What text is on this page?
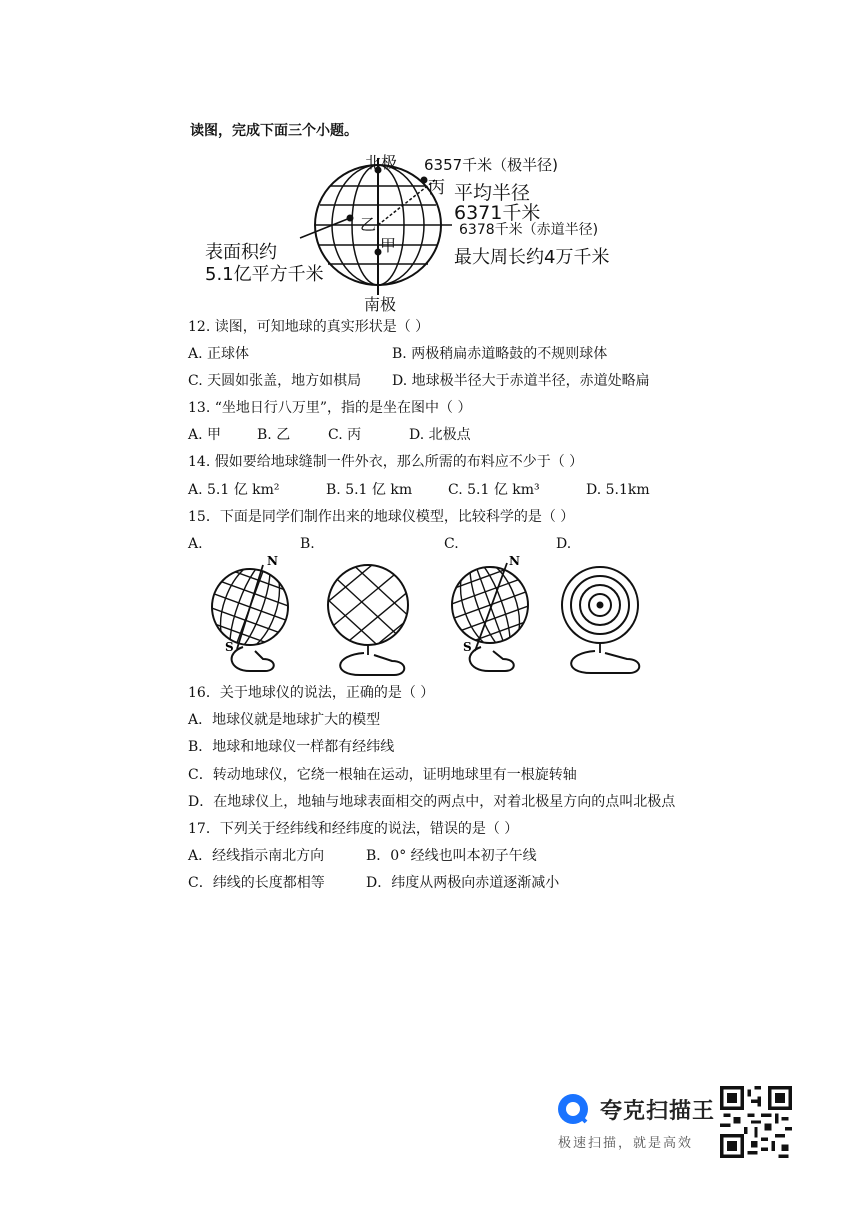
读图，完成下面三个小题。
北极 6357千米（极半径)
丙 平均半径
6371千米
6378千米（赤道半径)
乙
甲
最大周长约4万千米
表面积约
5.1亿平方千米
南极
12. 读图，可知地球的真实形状是（ ）
A. 正球体	B. 两极稍扁赤道略鼓的不规则球体
C. 天圆如张盖，地方如棋局 D. 地球极半径大于赤道半径，赤道处略扁
13. “坐地日行八万里”，指的是坐在图中（ ）
A. 甲	B. 乙	C. 丙	D. 北极点
14. 假如要给地球缝制一件外衣，那么所需的布料应不少于（ ）
A. 5.1 亿 km²	B. 5.1 亿 km	C. 5.1 亿 km³	D. 5.1km
15．下面是同学们制作出来的地球仪模型，比较科学的是（ ）
A.	B.	C.	D.
N
S
N
S
16．关于地球仪的说法，正确的是（ ）
A．地球仪就是地球扩大的模型
B．地球和地球仪一样都有经纬线
C．转动地球仪，它绕一根轴在运动，证明地球里有一根旋转轴
D．在地球仪上，地轴与地球表面相交的两点中，对着北极星方向的点叫北极点
17．下列关于经纬线和经纬度的说法，错误的是（ ）
A．经线指示南北方向	B．0° 经线也叫本初子午线
C．纬线的长度都相等	D．纬度从两极向赤道逐渐减小
夸克扫描王
极速扫描，就是高效
